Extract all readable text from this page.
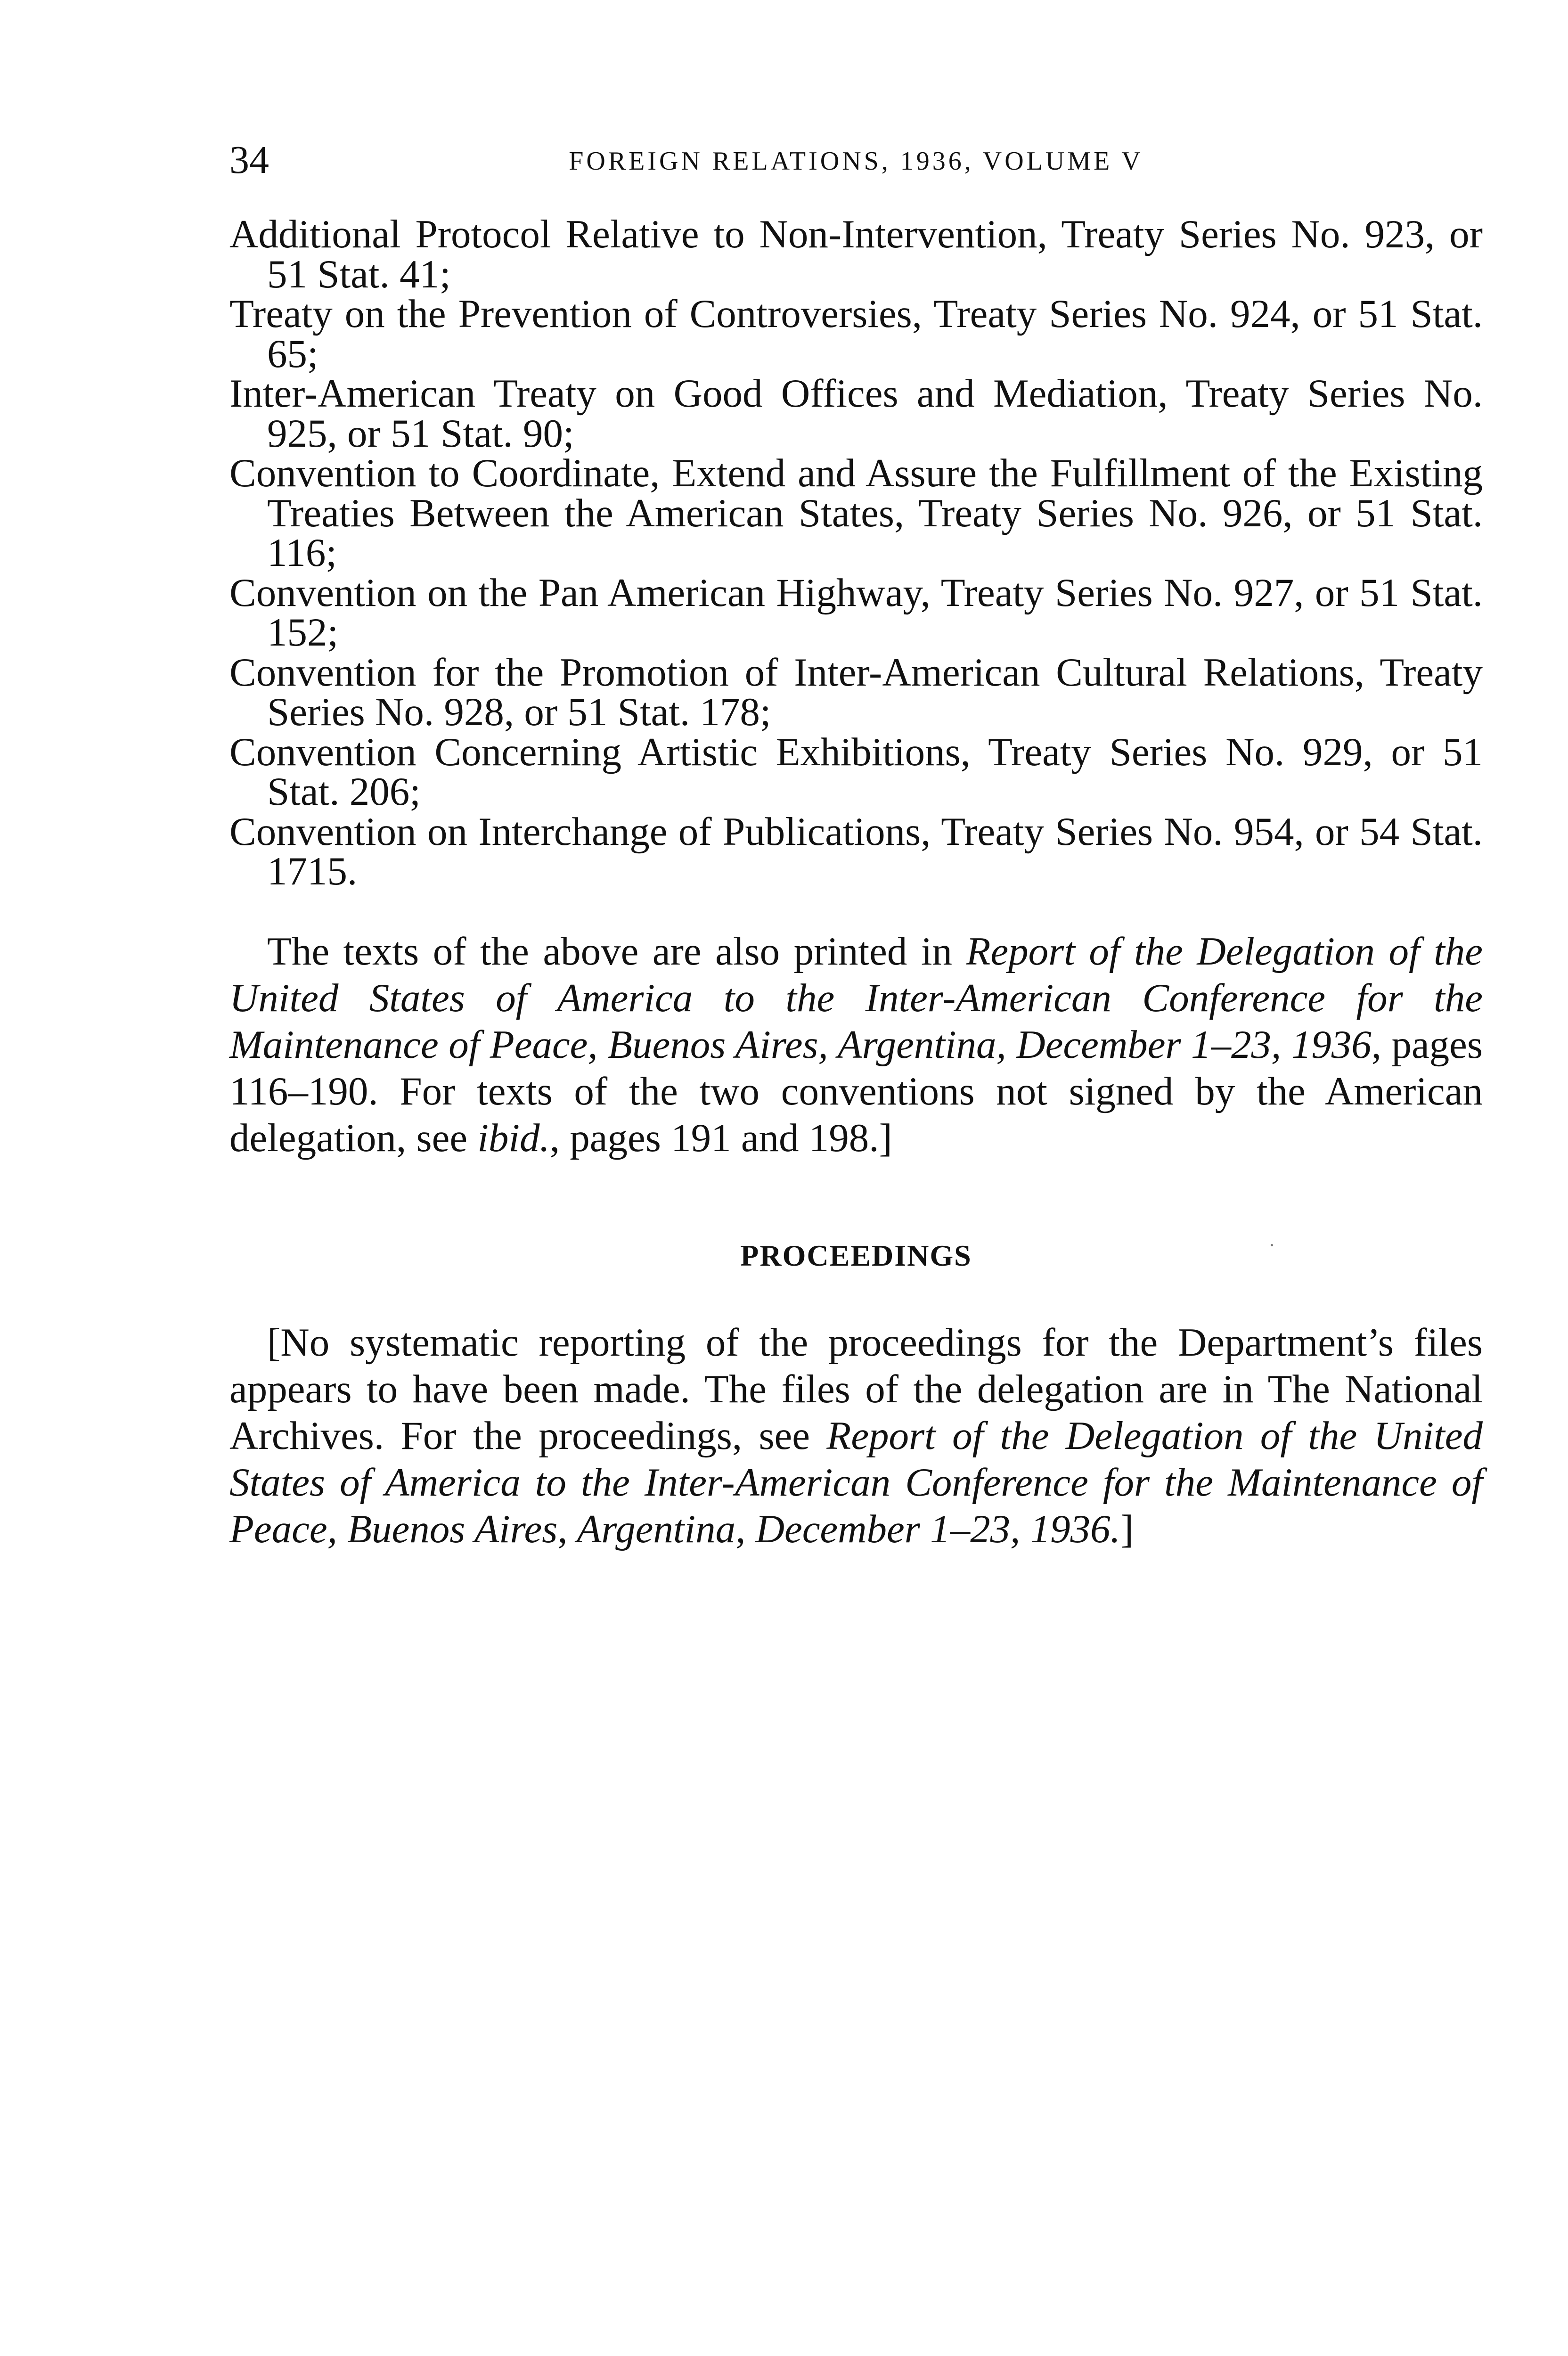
34	FOREIGN RELATIONS, 1936, VOLUME V
Additional Protocol Relative to Non-Intervention, Treaty Series No. 923, or 51 Stat. 41;
Treaty on the Prevention of Controversies, Treaty Series No. 924, or 51 Stat. 65;
Inter-American Treaty on Good Offices and Mediation, Treaty Series No. 925, or 51 Stat. 90;
Convention to Coordinate, Extend and Assure the Fulfillment of the Existing Treaties Between the American States, Treaty Series No. 926, or 51 Stat. 116;
Convention on the Pan American Highway, Treaty Series No. 927, or 51 Stat. 152;
Convention for the Promotion of Inter-American Cultural Relations, Treaty Series No. 928, or 51 Stat. 178;
Convention Concerning Artistic Exhibitions, Treaty Series No. 929, or 51 Stat. 206;
Convention on Interchange of Publications, Treaty Series No. 954, or 54 Stat. 1715.

The texts of the above are also printed in Report of the Delegation of the United States of America to the Inter-American Conference for the Maintenance of Peace, Buenos Aires, Argentina, December 1–23, 1936, pages 116–190. For texts of the two conventions not signed by the American delegation, see ibid., pages 191 and 198.]

PROCEEDINGS

[No systematic reporting of the proceedings for the Department’s files appears to have been made. The files of the delegation are in The National Archives. For the proceedings, see Report of the Delegation of the United States of America to the Inter-American Conference for the Maintenance of Peace, Buenos Aires, Argentina, December 1–23, 1936.]
